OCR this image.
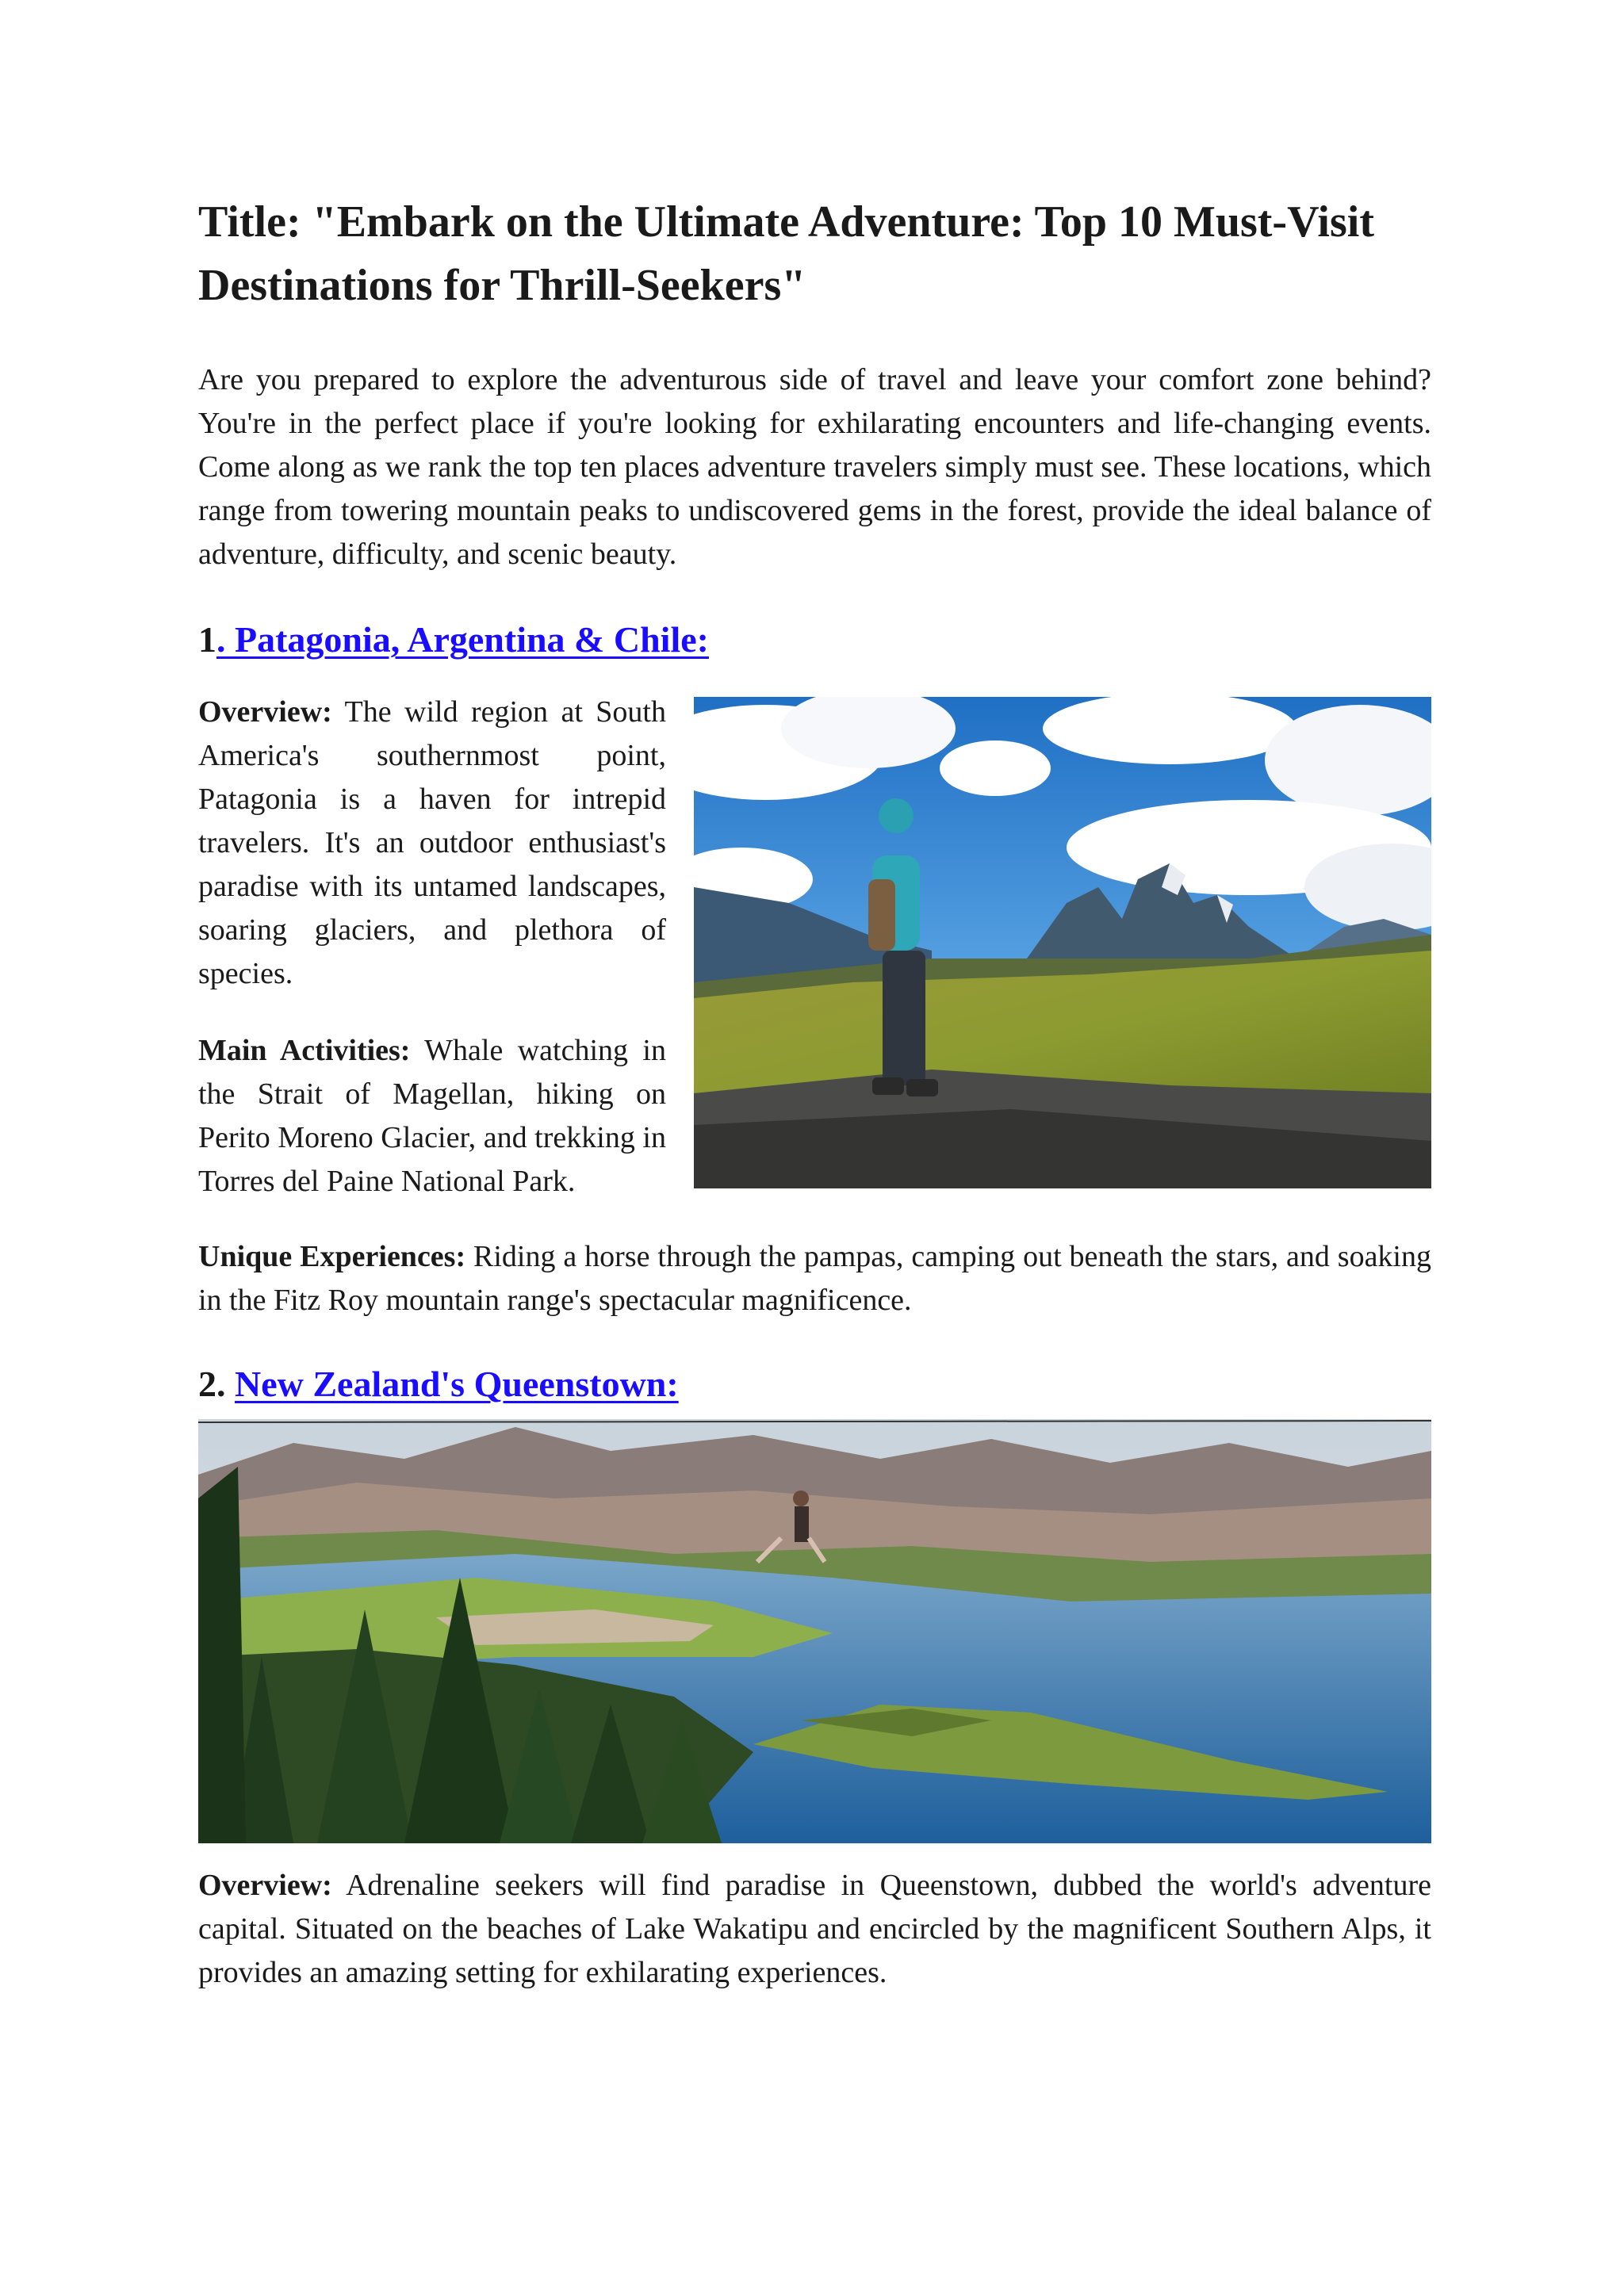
Title: "Embark on the Ultimate Adventure: Top 10 Must-Visit Destinations for Thrill-Seekers"

Are you prepared to explore the adventurous side of travel and leave your comfort zone behind? You're in the perfect place if you're looking for exhilarating encounters and life-changing events. Come along as we rank the top ten places adventure travelers simply must see. These locations, which range from towering mountain peaks to undiscovered gems in the forest, provide the ideal balance of adventure, difficulty, and scenic beauty.

1. Patagonia, Argentina & Chile:

Overview: The wild region at South America's southernmost point, Patagonia is a haven for intrepid travelers. It's an outdoor enthusiast's paradise with its untamed landscapes, soaring glaciers, and plethora of species.

Main Activities: Whale watching in the Strait of Magellan, hiking on Perito Moreno Glacier, and trekking in Torres del Paine National Park.

Unique Experiences: Riding a horse through the pampas, camping out beneath the stars, and soaking in the Fitz Roy mountain range's spectacular magnificence.

2. New Zealand's Queenstown:

Overview: Adrenaline seekers will find paradise in Queenstown, dubbed the world's adventure capital. Situated on the beaches of Lake Wakatipu and encircled by the magnificent Southern Alps, it provides an amazing setting for exhilarating experiences.
